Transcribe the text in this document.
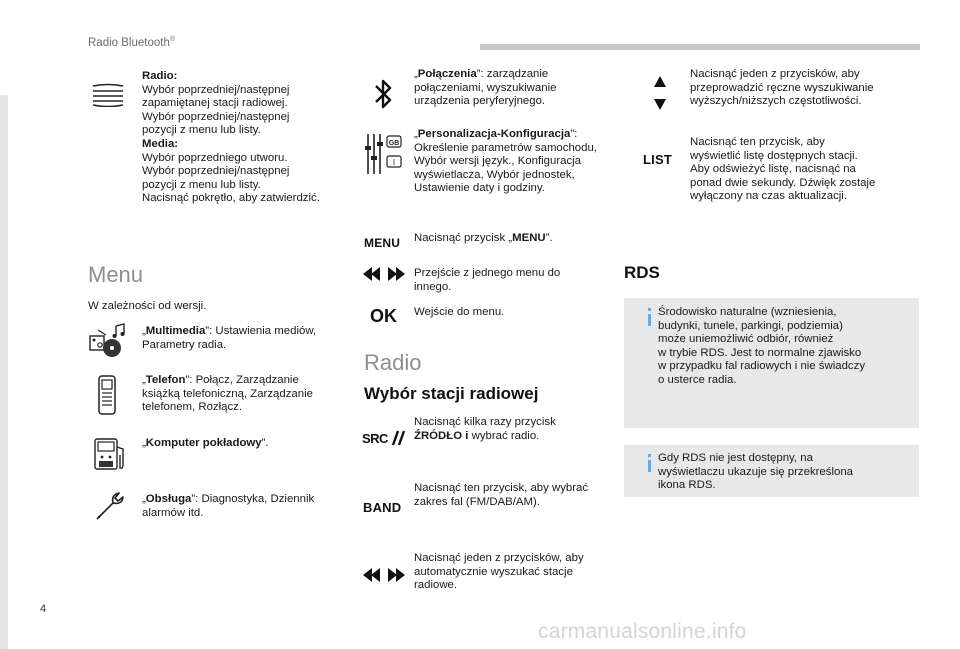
Radio Bluetooth®
Radio:
Wybór poprzedniej/następnej
zapamiętanej stacji radiowej.
Wybór poprzedniej/następnej
pozycji z menu lub listy.
Media:
Wybór poprzedniego utworu.
Wybór poprzedniej/następnej
pozycji z menu lub listy.
Nacisnąć pokrętło, aby zatwierdzić.
Menu
W zależności od wersji.
„Multimedia”: Ustawienia mediów,
Parametry radia.
„Telefon”: Połącz, Zarządzanie
książką telefoniczną, Zarządzanie
telefonem, Rozłącz.
„Komputer pokładowy”.
„Obsługa”: Diagnostyka, Dziennik
alarmów itd.
„Połączenia”: zarządzanie
połączeniami, wyszukiwanie
urządzenia peryferyjnego.
GB
I
„Personalizacja-Konfiguracja”:
Określenie parametrów samochodu,
Wybór wersji język., Konfiguracja
wyświetlacza, Wybór jednostek,
Ustawienie daty i godziny.
MENU Nacisnąć przycisk „MENU”.
Przejście z jednego menu do
innego.
OK Wejście do menu.
Radio
Wybór stacji radiowej
SRC
Nacisnąć kilka razy przycisk
ŹRÓDŁO i wybrać radio.
BAND
Nacisnąć ten przycisk, aby wybrać
zakres fal (FM/DAB/AM).
Nacisnąć jeden z przycisków, aby
automatycznie wyszukać stacje
radiowe.
Nacisnąć jeden z przycisków, aby
przeprowadzić ręczne wyszukiwanie
wyższych/niższych częstotliwości.
LIST
Nacisnąć ten przycisk, aby
wyświetlić listę dostępnych stacji.
Aby odświeżyć listę, nacisnąć na
ponad dwie sekundy. Dźwięk zostaje
wyłączony na czas aktualizacji.
RDS
Środowisko naturalne (wzniesienia,
budynki, tunele, parkingi, podziemia)
może uniemożliwić odbiór, również
w trybie RDS. Jest to normalne zjawisko
w przypadku fal radiowych i nie świadczy
o usterce radia.
Gdy RDS nie jest dostępny, na
wyświetlaczu ukazuje się przekreślona
ikona RDS.
4
carmanualsonline.info
